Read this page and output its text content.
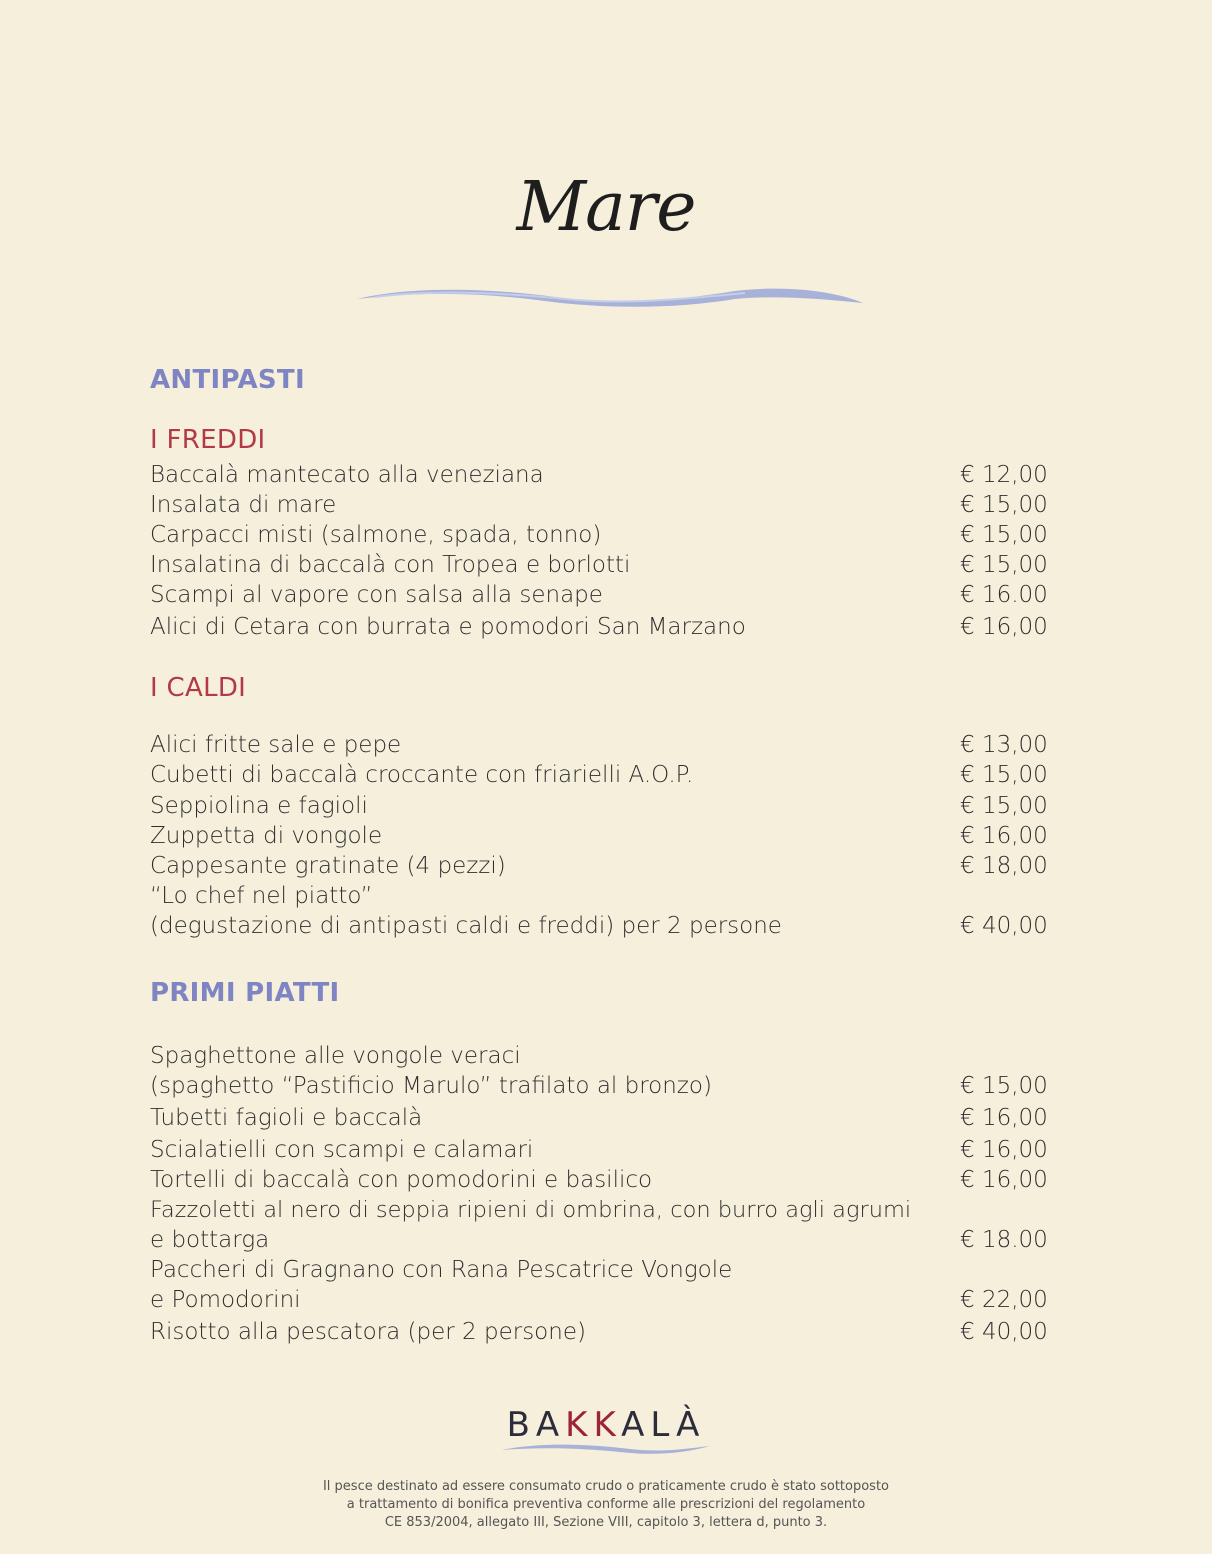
Mare
ANTIPASTI
I FREDDI
Baccalà mantecato alla veneziana	€ 12,00
Insalata di mare	€ 15,00
Carpacci misti (salmone, spada, tonno)	€ 15,00
Insalatina di baccalà con Tropea e borlotti	€ 15,00
Scampi al vapore con salsa alla senape	€ 16.00
Alici di Cetara con burrata e pomodori San Marzano	€ 16,00
I CALDI
Alici fritte sale e pepe	€ 13,00
Cubetti di baccalà croccante con friarielli A.O.P.	€ 15,00
Seppiolina e fagioli	€ 15,00
Zuppetta di vongole	€ 16,00
Cappesante gratinate (4 pezzi)	€ 18,00
“Lo chef nel piatto”
(degustazione di antipasti caldi e freddi) per 2 persone	€ 40,00
PRIMI PIATTI
Spaghettone alle vongole veraci
(spaghetto “Pastificio Marulo” trafilato al bronzo)	€ 15,00
Tubetti fagioli e baccalà	€ 16,00
Scialatielli con scampi e calamari	€ 16,00
Tortelli di baccalà con pomodorini e basilico	€ 16,00
Fazzoletti al nero di seppia ripieni di ombrina, con burro agli agrumi
e bottarga	€ 18.00
Paccheri di Gragnano con Rana Pescatrice Vongole
e Pomodorini	€ 22,00
Risotto alla pescatora (per 2 persone)	€ 40,00
BAKKALÀ
Il pesce destinato ad essere consumato crudo o praticamente crudo è stato sottoposto
a trattamento di bonifica preventiva conforme alle prescrizioni del regolamento
CE 853/2004, allegato III, Sezione VIII, capitolo 3, lettera d, punto 3.
